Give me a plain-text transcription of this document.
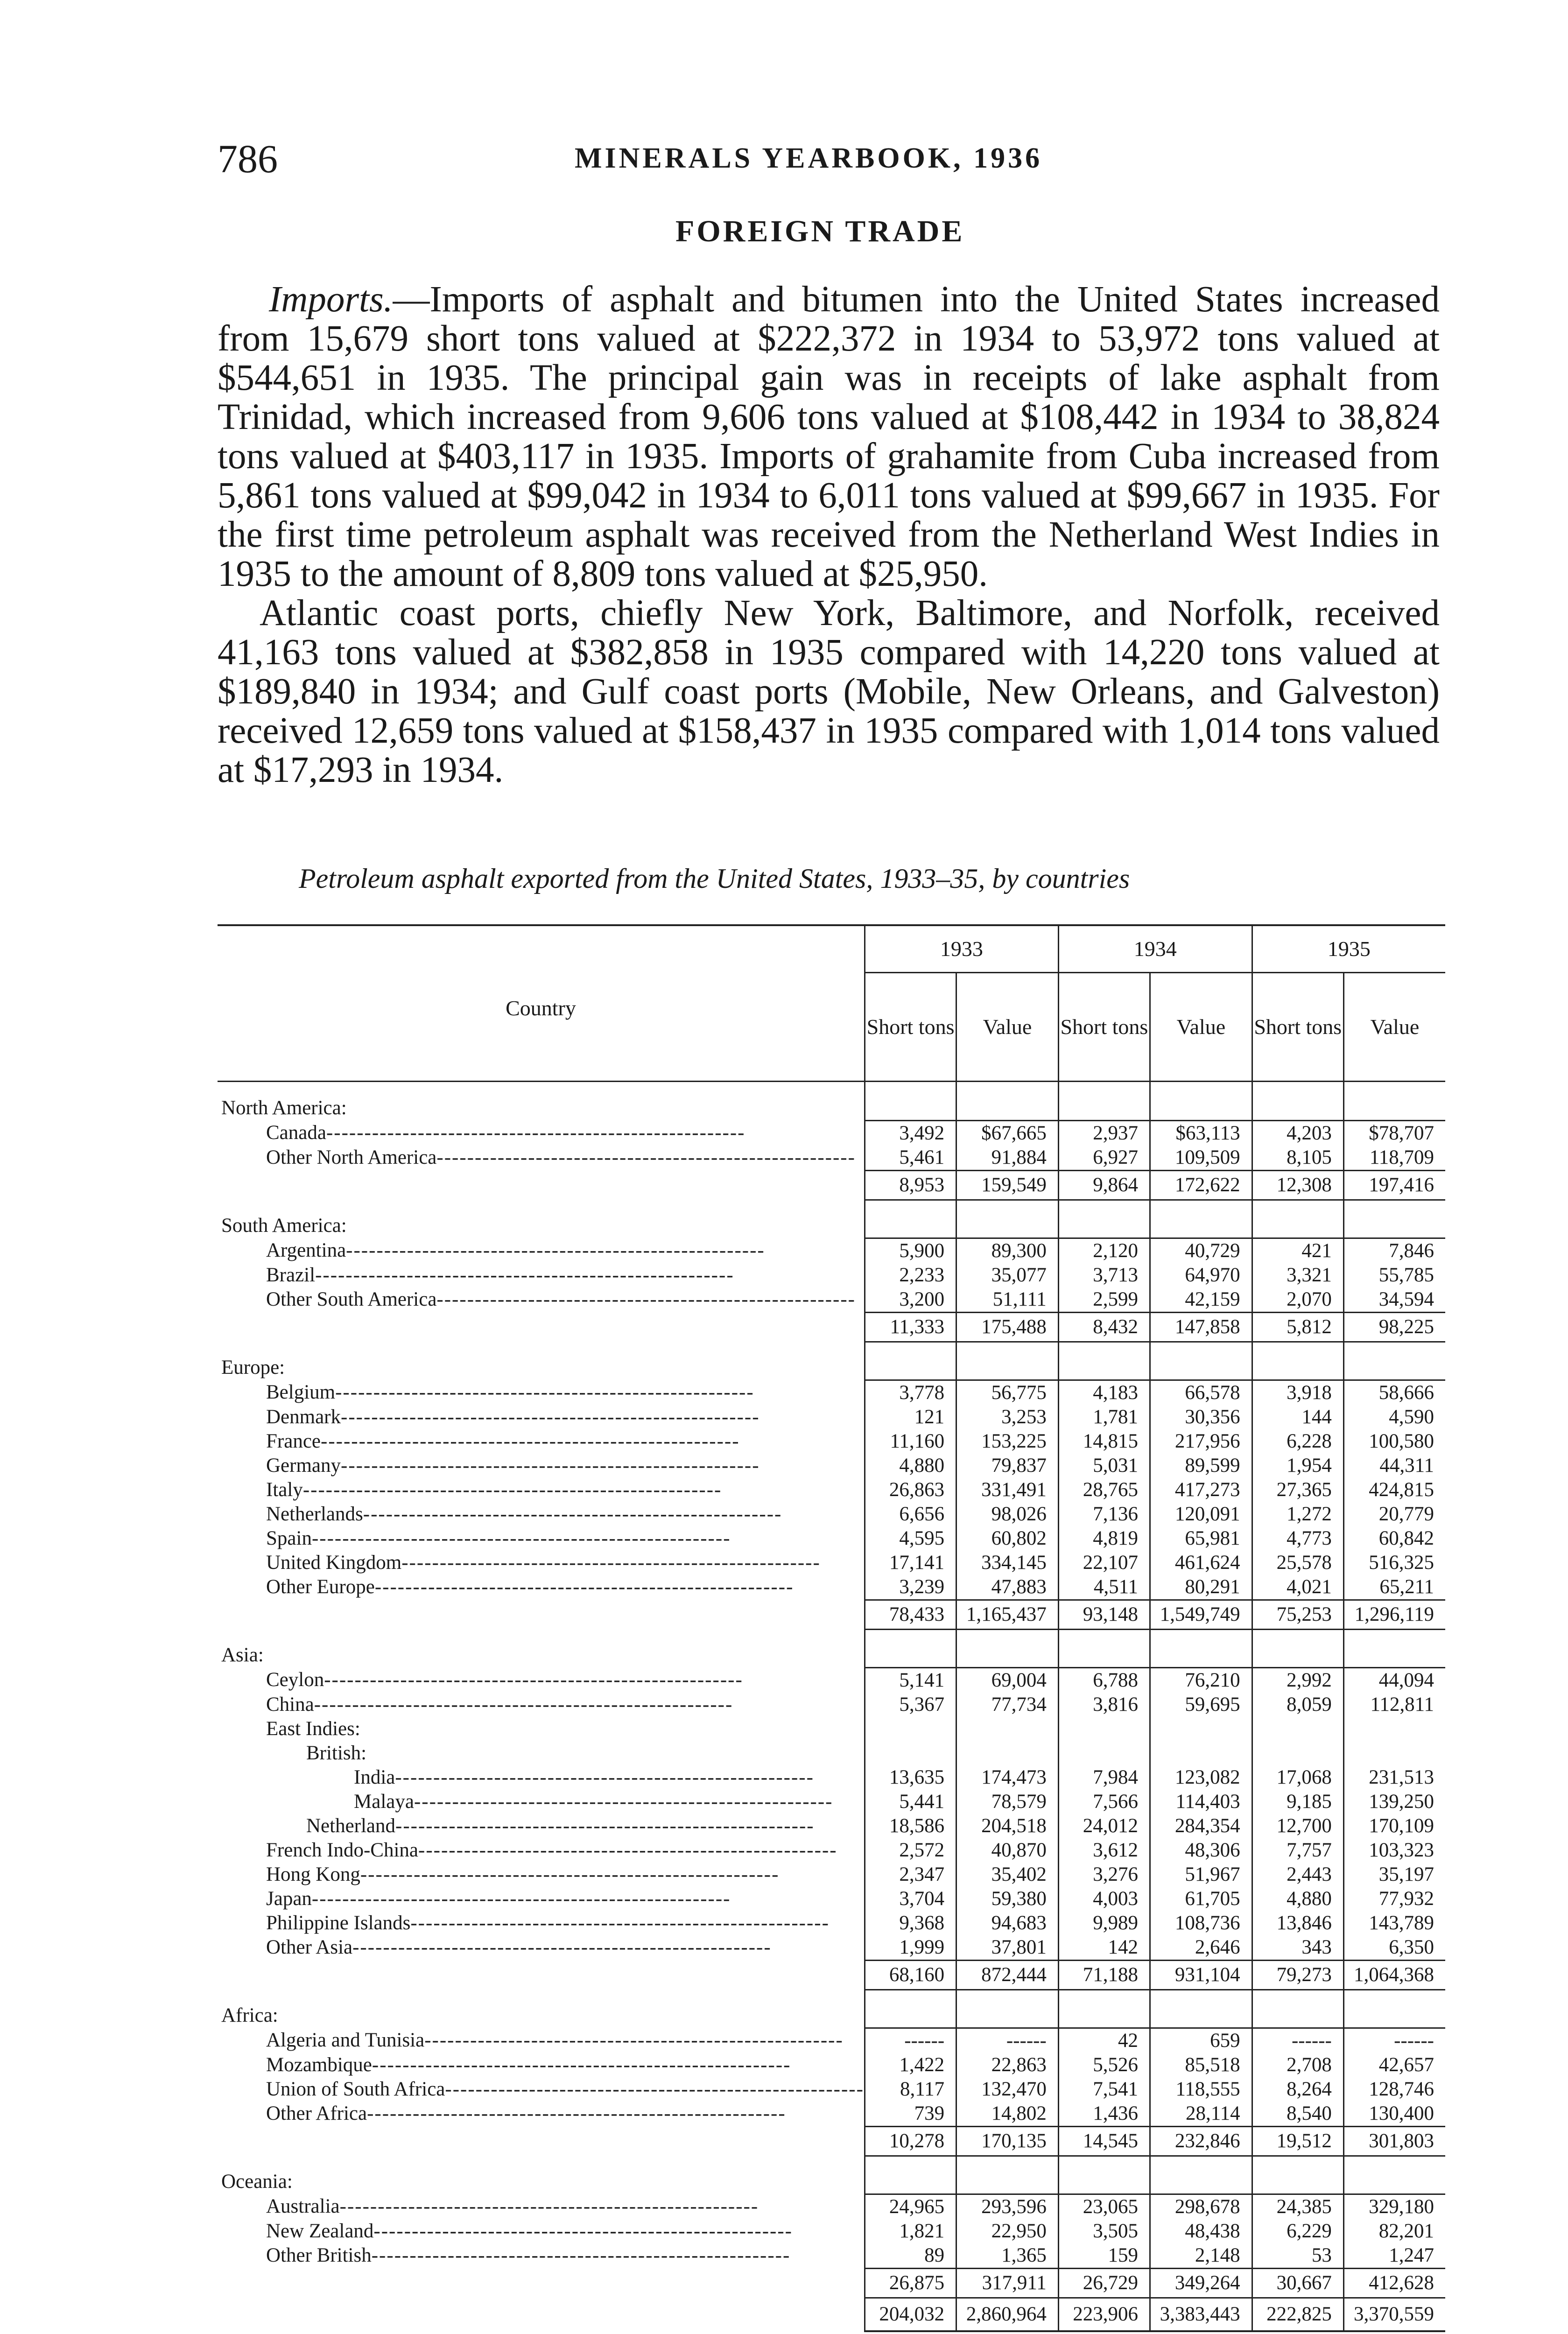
786	MINERALS YEARBOOK, 1936
FOREIGN TRADE

Imports.—Imports of asphalt and bitumen into the United States increased from 15,679 short tons valued at $222,372 in 1934 to 53,972 tons valued at $544,651 in 1935. The principal gain was in receipts of lake asphalt from Trinidad, which increased from 9,606 tons valued at $108,442 in 1934 to 38,824 tons valued at $403,117 in 1935. Imports of grahamite from Cuba increased from 5,861 tons valued at $99,042 in 1934 to 6,011 tons valued at $99,667 in 1935. For the first time petroleum asphalt was received from the Netherland West Indies in 1935 to the amount of 8,809 tons valued at $25,950.

Atlantic coast ports, chiefly New York, Baltimore, and Norfolk, received 41,163 tons valued at $382,858 in 1935 compared with 14,220 tons valued at $189,840 in 1934; and Gulf coast ports (Mobile, New Orleans, and Galveston) received 12,659 tons valued at $158,437 in 1935 compared with 1,014 tons valued at $17,293 in 1934.

Petroleum asphalt exported from the United States, 1933–35, by countries
Country	1933		1934		1935	
	Short tons	Value	Short tons	Value	Short tons	Value
North America:						
Canada-------------------------------------------------------	3,492	$67,665	2,937	$63,113	4,203	$78,707
Other North America-------------------------------------------------------	5,461	91,884	6,927	109,509	8,105	118,709
	8,953	159,549	9,864	172,622	12,308	197,416
South America:						
Argentina-------------------------------------------------------	5,900	89,300	2,120	40,729	421	7,846
Brazil-------------------------------------------------------	2,233	35,077	3,713	64,970	3,321	55,785
Other South America-------------------------------------------------------	3,200	51,111	2,599	42,159	2,070	34,594
	11,333	175,488	8,432	147,858	5,812	98,225
Europe:						
Belgium-------------------------------------------------------	3,778	56,775	4,183	66,578	3,918	58,666
Denmark-------------------------------------------------------	121	3,253	1,781	30,356	144	4,590
France-------------------------------------------------------	11,160	153,225	14,815	217,956	6,228	100,580
Germany-------------------------------------------------------	4,880	79,837	5,031	89,599	1,954	44,311
Italy-------------------------------------------------------	26,863	331,491	28,765	417,273	27,365	424,815
Netherlands-------------------------------------------------------	6,656	98,026	7,136	120,091	1,272	20,779
Spain-------------------------------------------------------	4,595	60,802	4,819	65,981	4,773	60,842
United Kingdom-------------------------------------------------------	17,141	334,145	22,107	461,624	25,578	516,325
Other Europe-------------------------------------------------------	3,239	47,883	4,511	80,291	4,021	65,211
	78,433	1,165,437	93,148	1,549,749	75,253	1,296,119
Asia:						
Ceylon-------------------------------------------------------	5,141	69,004	6,788	76,210	2,992	44,094
China-------------------------------------------------------	5,367	77,734	3,816	59,695	8,059	112,811
East Indies:						
British:						
India-------------------------------------------------------	13,635	174,473	7,984	123,082	17,068	231,513
Malaya-------------------------------------------------------	5,441	78,579	7,566	114,403	9,185	139,250
Netherland-------------------------------------------------------	18,586	204,518	24,012	284,354	12,700	170,109
French Indo-China-------------------------------------------------------	2,572	40,870	3,612	48,306	7,757	103,323
Hong Kong-------------------------------------------------------	2,347	35,402	3,276	51,967	2,443	35,197
Japan-------------------------------------------------------	3,704	59,380	4,003	61,705	4,880	77,932
Philippine Islands-------------------------------------------------------	9,368	94,683	9,989	108,736	13,846	143,789
Other Asia-------------------------------------------------------	1,999	37,801	142	2,646	343	6,350
	68,160	872,444	71,188	931,104	79,273	1,064,368
Africa:						
Algeria and Tunisia-------------------------------------------------------	------	------	42	659	------	------
Mozambique-------------------------------------------------------	1,422	22,863	5,526	85,518	2,708	42,657
Union of South Africa-------------------------------------------------------	8,117	132,470	7,541	118,555	8,264	128,746
Other Africa-------------------------------------------------------	739	14,802	1,436	28,114	8,540	130,400
	10,278	170,135	14,545	232,846	19,512	301,803
Oceania:						
Australia-------------------------------------------------------	24,965	293,596	23,065	298,678	24,385	329,180
New Zealand-------------------------------------------------------	1,821	22,950	3,505	48,438	6,229	82,201
Other British-------------------------------------------------------	89	1,365	159	2,148	53	1,247
	26,875	317,911	26,729	349,264	30,667	412,628
	204,032	2,860,964	223,906	3,383,443	222,825	3,370,559
